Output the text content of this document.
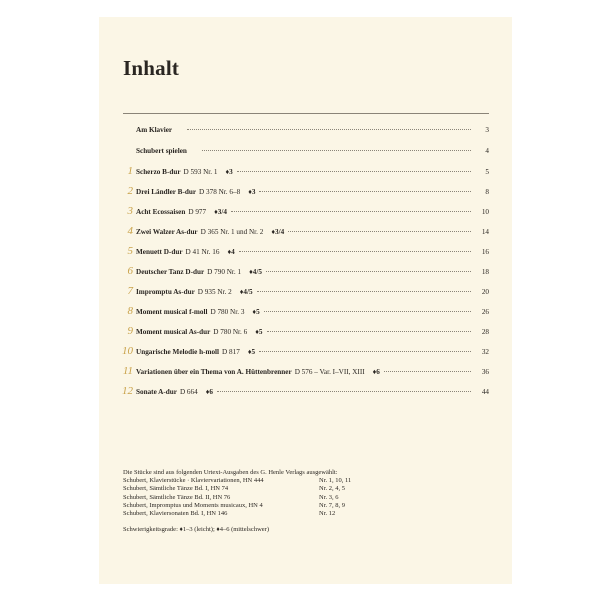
Inhalt
Am Klavier	3
Schubert spielen	4
1 Scherzo B-dur D 593 Nr. 1 ♦3	5
2 Drei Ländler B-dur D 378 Nr. 6–8 ♦3	8
3 Acht Ecossaisen D 977 ♦3/4	10
4 Zwei Walzer As-dur D 365 Nr. 1 und Nr. 2 ♦3/4	14
5 Menuett D-dur D 41 Nr. 16 ♦4	16
6 Deutscher Tanz D-dur D 790 Nr. 1 ♦4/5	18
7 Impromptu As-dur D 935 Nr. 2 ♦4/5	20
8 Moment musical f-moll D 780 Nr. 3 ♦5	26
9 Moment musical As-dur D 780 Nr. 6 ♦5	28
10 Ungarische Melodie h-moll D 817 ♦5	32
11 Variationen über ein Thema von A. Hüttenbrenner D 576 – Var. I–VII, XIII ♦6	36
12 Sonate A-dur D 664 ♦6	44
Die Stücke sind aus folgenden Urtext-Ausgaben des G. Henle Verlags ausgewählt:
Schubert, Klavierstücke · Klaviervariationen, HN 444	Nr. 1, 10, 11
Schubert, Sämtliche Tänze Bd. I, HN 74	Nr. 2, 4, 5
Schubert, Sämtliche Tänze Bd. II, HN 76	Nr. 3, 6
Schubert, Impromptus und Moments musicaux, HN 4	Nr. 7, 8, 9
Schubert, Klaviersonaten Bd. I, HN 146	Nr. 12
Schwierigkeitsgrade: ♦1–3 (leicht); ♦4–6 (mittelschwer)
